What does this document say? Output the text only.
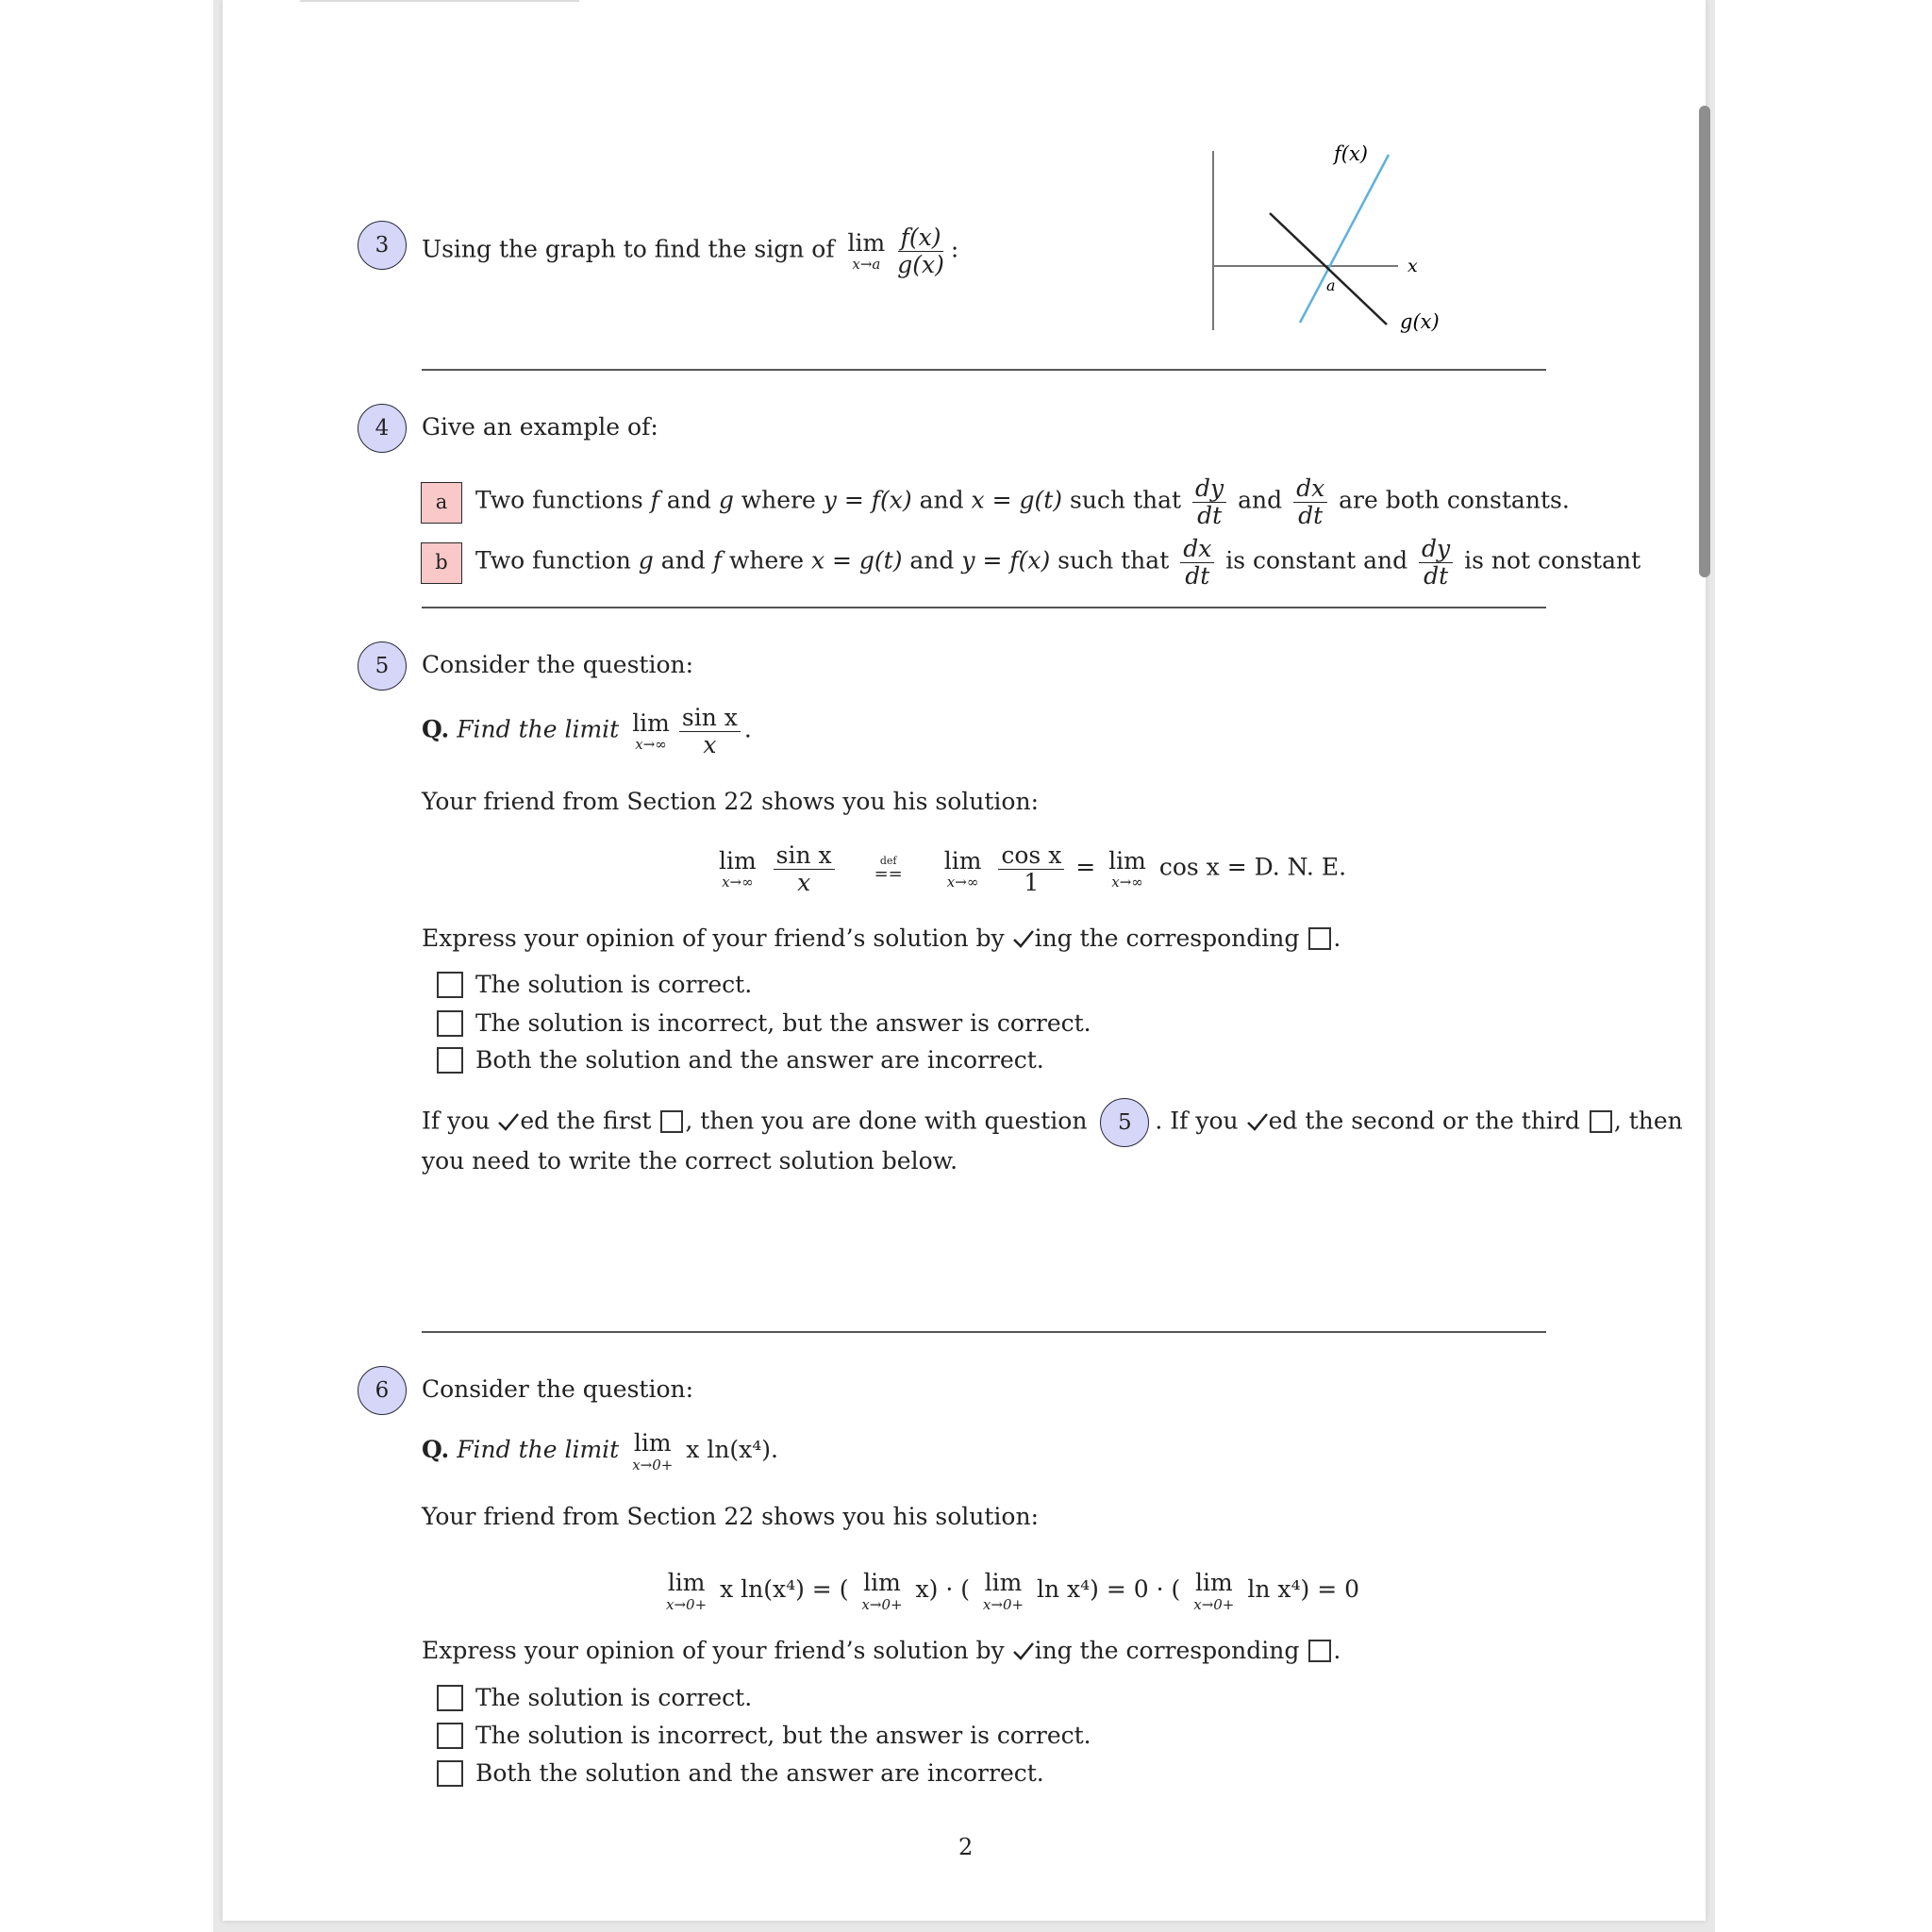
3	Using the graph to find the sign of lim
$x\to a \frac{f(x)}{g(x)}$ :
f(x)
g(x)
x
a
4	Give an example of:
a	Two functions f and g where y = f(x) and x = g(t) such that $\frac{dy}{dt}$ and $\frac{dx}{dt}$ are both constants.
b	Two function g and f where x = g(t) and y = f(x) such that $\frac{dx}{dt}$ is constant and $\frac{dy}{dt}$ is not constant
5	Consider the question:
Q. Find the limit lim
$x\to\infty \frac{\text{sin x}}{x}$ .
Your friend from Section 22 shows you his solution:
lim
x→∞
$\frac{\text{sin x}}{x}$
	def
==
lim
x→∞
$\frac{\text{cos x}}{1} = \lim$
x→∞
cos x = D. N. E.
Express your opinion of your friend’s solution by ing the corresponding .
The solution is correct.
The solution is incorrect, but the answer is correct.
Both the solution and the answer are incorrect.
If you ed the first , then you are done with question 5 . If you ed the second or the third , then
you need to write the correct solution below.
6	Consider the question:
Q. Find the limit lim
x→0+
x ln(x⁴).
Your friend from Section 22 shows you his solution:
lim
x→0+
x ln(x⁴) = ( lim
x→0+
x) · ( lim
x→0+
ln x⁴) = 0 · ( lim
x→0+
ln x⁴) = 0
Express your opinion of your friend’s solution by ing the corresponding .
The solution is correct.
The solution is incorrect, but the answer is correct.
Both the solution and the answer are incorrect.
2
